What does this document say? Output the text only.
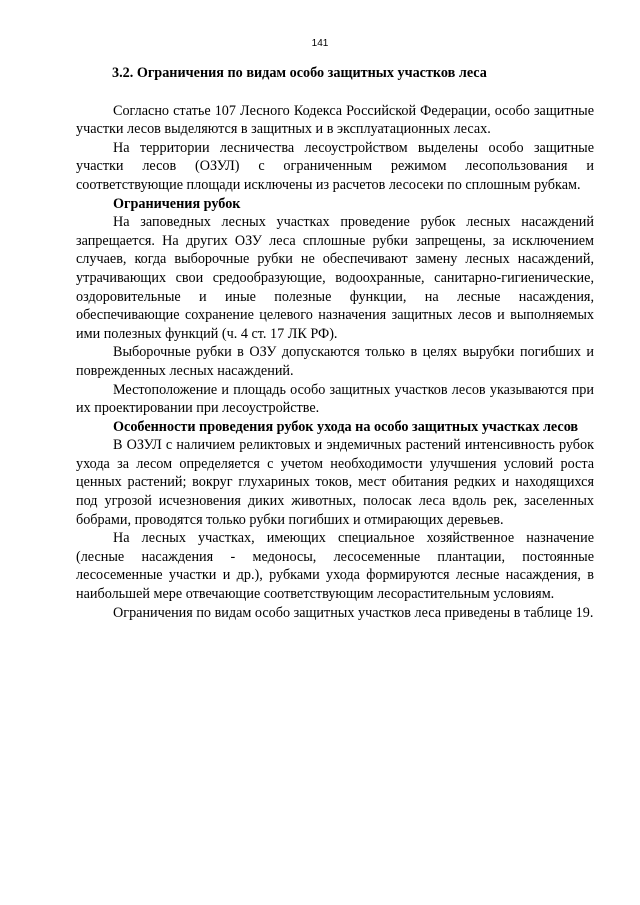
141
3.2. Ограничения по видам особо защитных участков леса

Согласно статье 107 Лесного Кодекса Российской Федерации, особо защитные участки лесов выделяются в защитных и в эксплуатационных лесах.

На территории лесничества лесоустройством выделены особо защитные участки лесов (ОЗУЛ) с ограниченным режимом лесопользования и соответствующие площади исключены из расчетов лесосеки по сплошным рубкам.

Ограничения рубок

На заповедных лесных участках проведение рубок лесных насаждений запрещается. На других ОЗУ леса сплошные рубки запрещены, за исключением случаев, когда выборочные рубки не обеспечивают замену лесных насаждений, утрачивающих свои средообразующие, водоохранные, санитарно-гигиенические, оздоровительные и иные полезные функции, на лесные насаждения, обеспечивающие сохранение целевого назначения защитных лесов и выполняемых ими полезных функций (ч. 4 ст. 17 ЛК РФ).

Выборочные рубки в ОЗУ допускаются только в целях вырубки погибших и поврежденных лесных насаждений.

Местоположение и площадь особо защитных участков лесов указываются при их проектировании при лесоустройстве.

Особенности проведения рубок ухода на особо защитных участках лесов

В ОЗУЛ с наличием реликтовых и эндемичных растений интенсивность рубок ухода за лесом определяется с учетом необходимости улучшения условий роста ценных растений; вокруг глухариных токов, мест обитания редких и находящихся под угрозой исчезновения диких животных, полосак леса вдоль рек, заселенных бобрами, проводятся только рубки погибших и отмирающих деревьев.

На лесных участках, имеющих специальное хозяйственное назначение (лесные насаждения - медоносы, лесосеменные плантации, постоянные лесосеменные участки и др.), рубками ухода формируются лесные насаждения, в наибольшей мере отвечающие соответствующим лесорастительным условиям.

Ограничения по видам особо защитных участков леса приведены в таблице 19.
